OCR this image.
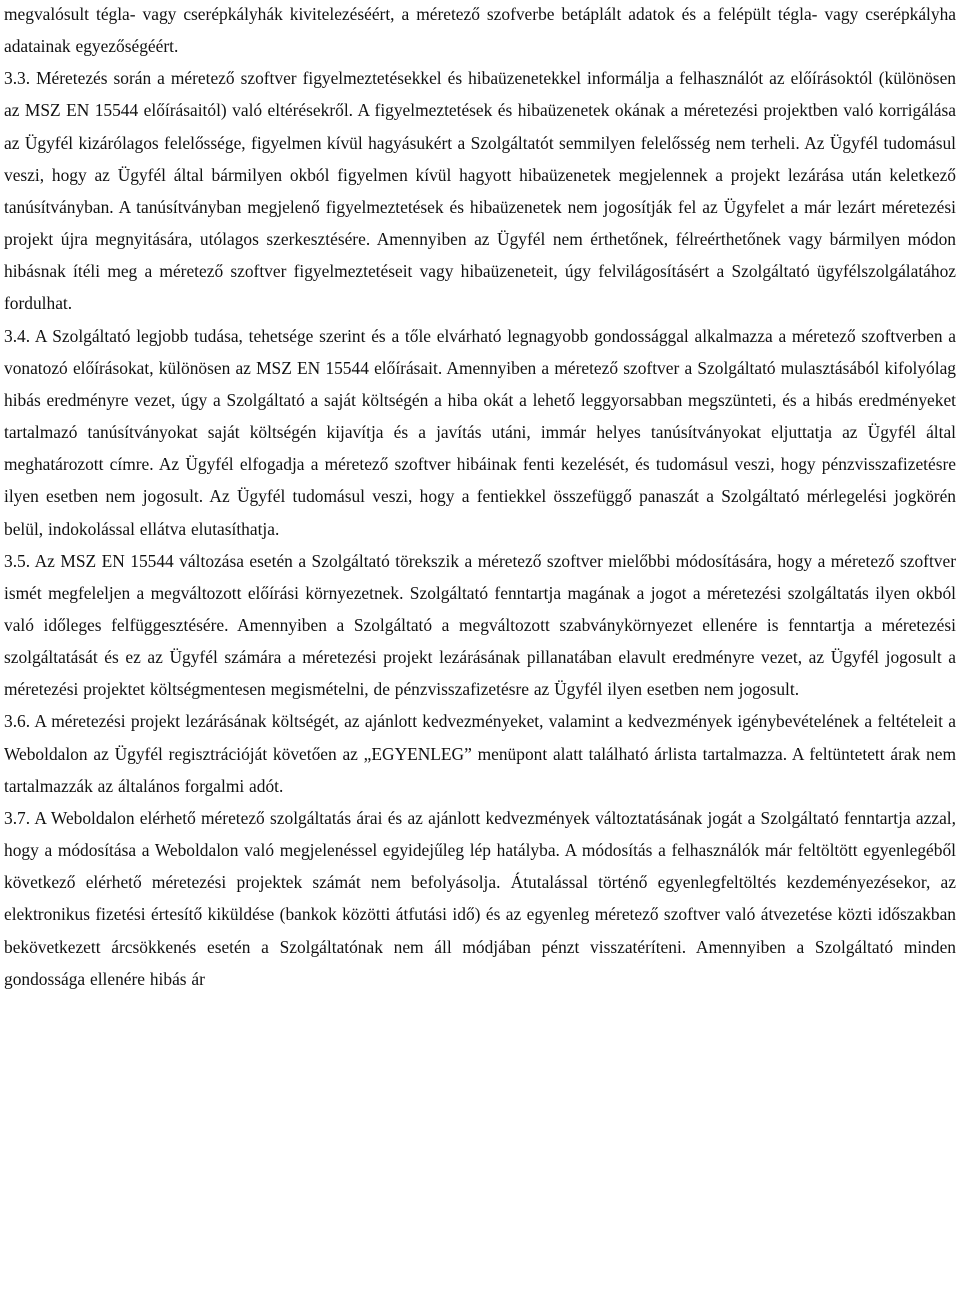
megvalósult tégla- vagy cserépkályhák kivitelezéséért, a méretező szofverbe betáplált adatok és a felépült tégla- vagy cserépkályha adatainak egyezőségéért.
3.3. Méretezés során a méretező szoftver figyelmeztetésekkel és hibaüzenetekkel informálja a felhasználót az előírásoktól (különösen az MSZ EN 15544 előírásaitól) való eltérésekről. A figyelmeztetések és hibaüzenetek okának a méretezési projektben való korrigálása az Ügyfél kizárólagos felelőssége, figyelmen kívül hagyásukért a Szolgáltatót semmilyen felelősség nem terheli. Az Ügyfél tudomásul veszi, hogy az Ügyfél által bármilyen okból figyelmen kívül hagyott hibaüzenetek megjelennek a projekt lezárása után keletkező tanúsítványban. A tanúsítványban megjelenő figyelmeztetések és hibaüzenetek nem jogosítják fel az Ügyfelet a már lezárt méretezési projekt újra megnyitására, utólagos szerkesztésére. Amennyiben az Ügyfél nem érthetőnek, félreérthetőnek vagy bármilyen módon hibásnak ítéli meg a méretező szoftver figyelmeztetéseit vagy hibaüzeneteit, úgy felvilágosításért a Szolgáltató ügyfélszolgálatához fordulhat.
3.4. A Szolgáltató legjobb tudása, tehetsége szerint és a tőle elvárható legnagyobb gondossággal alkalmazza a méretező szoftverben a vonatozó előírásokat, különösen az MSZ EN 15544 előírásait. Amennyiben a méretező szoftver a Szolgáltató mulasztásából kifolyólag hibás eredményre vezet, úgy a Szolgáltató a saját költségén a hiba okát a lehető leggyorsabban megszünteti, és a hibás eredményeket tartalmazó tanúsítványokat saját költségén kijavítja és a javítás utáni, immár helyes tanúsítványokat eljuttatja az Ügyfél által meghatározott címre. Az Ügyfél elfogadja a méretező szoftver hibáinak fenti kezelését, és tudomásul veszi, hogy pénzvisszafizetésre ilyen esetben nem jogosult. Az Ügyfél tudomásul veszi, hogy a fentiekkel összefüggő panaszát a Szolgáltató mérlegelési jogkörén belül, indokolással ellátva elutasíthatja.
3.5. Az MSZ EN 15544 változása esetén a Szolgáltató törekszik a méretező szoftver mielőbbi módosítására, hogy a méretező szoftver ismét megfeleljen a megváltozott előírási környezetnek. Szolgáltató fenntartja magának a jogot a méretezési szolgáltatás ilyen okból való időleges felfüggesztésére. Amennyiben a Szolgáltató a megváltozott szabványkörnyezet ellenére is fenntartja a méretezési szolgáltatását és ez az Ügyfél számára a méretezési projekt lezárásának pillanatában elavult eredményre vezet, az Ügyfél jogosult a méretezési projektet költségmentesen megismételni, de pénzvisszafizetésre az Ügyfél ilyen esetben nem jogosult.
3.6. A méretezési projekt lezárásának költségét, az ajánlott kedvezményeket, valamint a kedvezmények igénybevételének a feltételeit a Weboldalon az Ügyfél regisztrációját követően az „EGYENLEG” menüpont alatt található árlista tartalmazza. A feltüntetett árak nem tartalmazzák az általános forgalmi adót.
3.7. A Weboldalon elérhető méretező szolgáltatás árai és az ajánlott kedvezmények változtatásának jogát a Szolgáltató fenntartja azzal, hogy a módosítása a Weboldalon való megjelenéssel egyidejűleg lép hatályba. A módosítás a felhasználók már feltöltött egyenlegéből következő elérhető méretezési projektek számát nem befolyásolja. Átutalással történő egyenlegfeltöltés kezdeményezésekor, az elektronikus fizetési értesítő kiküldése (bankok közötti átfutási idő) és az egyenleg méretező szoftver való átvezetése közti időszakban bekövetkezett árcsökkenés esetén a Szolgáltatónak nem áll módjában pénzt visszatéríteni. Amennyiben a Szolgáltató minden gondossága ellenére hibás ár
